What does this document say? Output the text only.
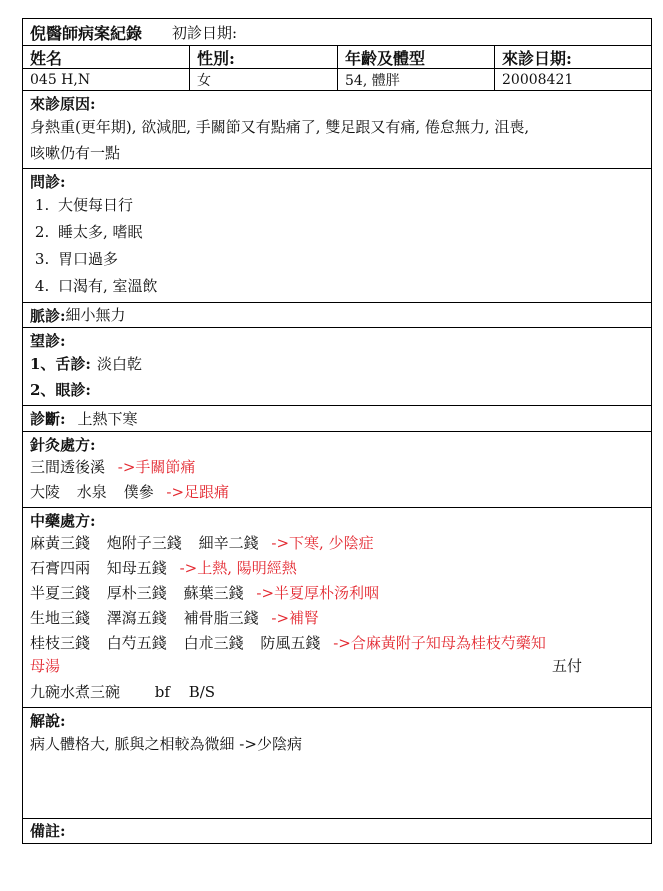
倪醫師病案紀錄 初診日期:
姓名	性別:	年齡及體型	來診日期:
045 H,N	女	54, 體胖	20008421
來診原因:
身熱重(更年期), 欲減肥, 手關節又有點痛了, 雙足跟又有痛, 倦怠無力, 沮喪,
咳嗽仍有一點
問診:
1. 大便每日行
2. 睡太多, 嗜眠
3. 胃口過多
4. 口渴有, 室溫飲
脈診: 細小無力
望診:
1、舌診: 淡白乾
2、眼診:
診斷: 上熱下寒
針灸處方:
三間透後溪 ->手關節痛
大陵 水泉 僕參 ->足跟痛
中藥處方:
麻黃三錢 炮附子三錢 細辛二錢 ->下寒, 少陰症
石膏四兩 知母五錢 ->上熱, 陽明經熱
半夏三錢 厚朴三錢 蘇葉三錢 ->半夏厚朴汤利咽
生地三錢 澤瀉五錢 補骨脂三錢 ->補腎
桂枝三錢 白芍五錢 白朮三錢 防風五錢 ->合麻黃附子知母為桂枝芍藥知
母湯	五付
九碗水煮三碗 bf B/S
解說:
病人體格大, 脈與之相較為微細 ->少陰病
備註:
